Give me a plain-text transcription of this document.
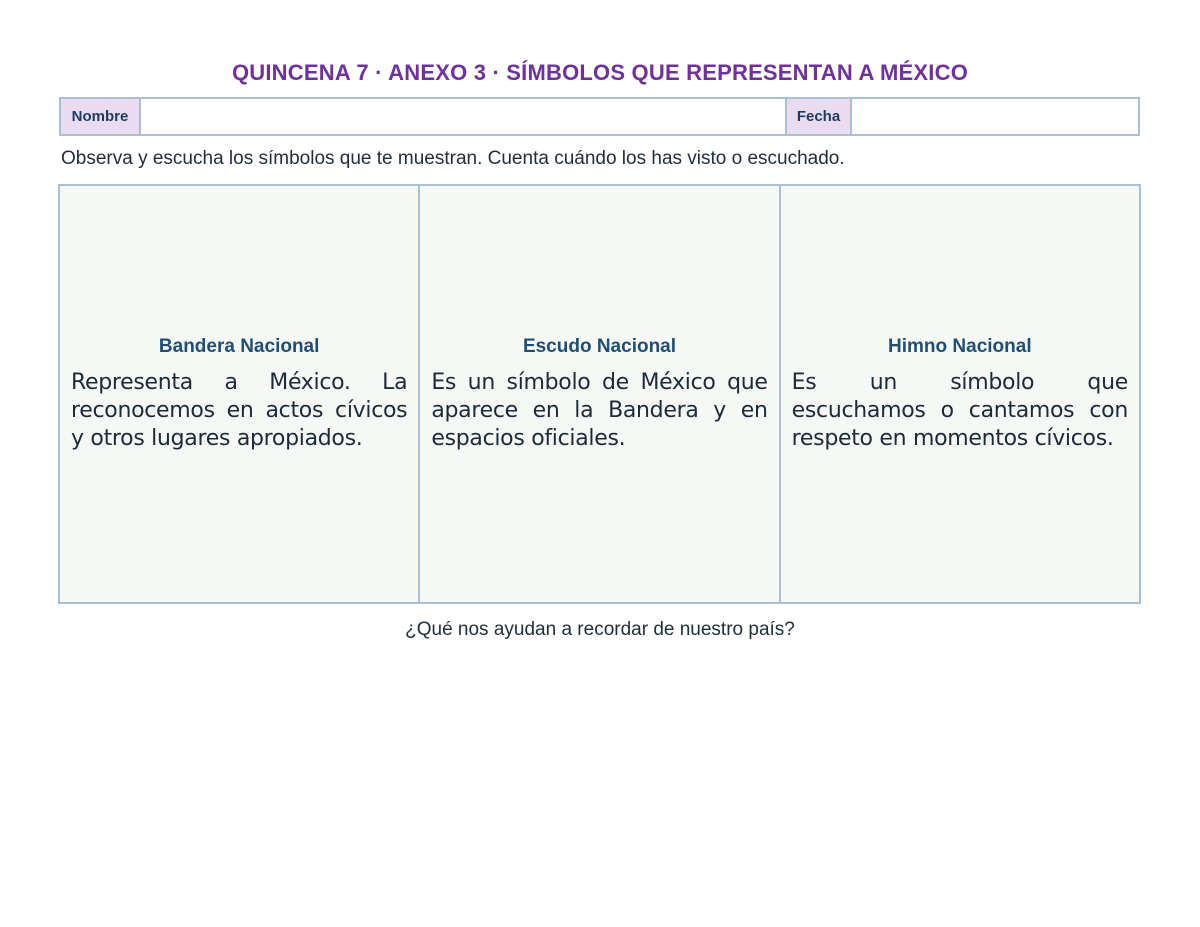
QUINCENA 7 · ANEXO 3 · SÍMBOLOS QUE REPRESENTAN A MÉXICO
Nombre	Fecha
Observa y escucha los símbolos que te muestran. Cuenta cuándo los has visto o escuchado.
Bandera Nacional
Representa a México. La reconocemos en actos cívicos y otros lugares apropiados.
Escudo Nacional
Es un símbolo de México que aparece en la Bandera y en espacios oficiales.
Himno Nacional
Es un símbolo que escuchamos o cantamos con respeto en momentos cívicos.
¿Qué nos ayudan a recordar de nuestro país?
